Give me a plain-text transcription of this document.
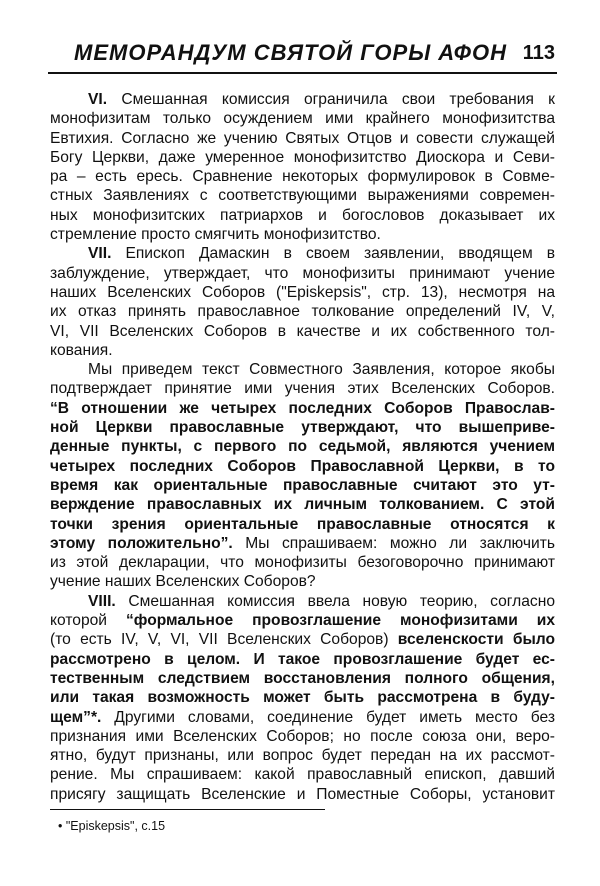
МЕМОРАНДУМ СВЯТОЙ ГОРЫ АФОН 113
VI. Смешанная комиссия ограничила свои требования к
монофизитам только осуждением ими крайнего монофизитства
Евтихия. Согласно же учению Святых Отцов и совести служащей
Богу Церкви, даже умеренное монофизитство Диоскора и Севи-
ра – есть ересь. Сравнение некоторых формулировок в Совме-
стных Заявлениях с соответствующими выражениями современ-
ных монофизитских патриархов и богословов доказывает их
стремление просто смягчить монофизитство.
VII. Епископ Дамаскин в своем заявлении, вводящем в
заблуждение, утверждает, что монофизиты принимают учение
наших Вселенских Соборов ("Episkepsis", стр. 13), несмотря на
их отказ принять православное толкование определений IV, V,
VI, VII Вселенских Соборов в качестве и их собственного тол-
кования.
Мы приведем текст Совместного Заявления, которое якобы
подтверждает принятие ими учения этих Вселенских Соборов.
“В отношении же четырех последних Соборов Православ-
ной Церкви православные утверждают, что вышеприве-
денные пункты, с первого по седьмой, являются учением
четырех последних Соборов Православной Церкви, в то
время как ориентальные православные считают это ут-
верждение православных их личным толкованием. С этой
точки зрения ориентальные православные относятся к
этому положительно”. Мы спрашиваем: можно ли заключить
из этой декларации, что монофизиты безоговорочно принимают
учение наших Вселенских Соборов?
VIII. Смешанная комиссия ввела новую теорию, согласно
которой “формальное провозглашение монофизитами их
(то есть IV, V, VI, VII Вселенских Соборов) вселенскости было
рассмотрено в целом. И такое провозглашение будет ес-
тественным следствием восстановления полного общения,
или такая возможность может быть рассмотрена в буду-
щем”*. Другими словами, соединение будет иметь место без
признания ими Вселенских Соборов; но после союза они, веро-
ятно, будут признаны, или вопрос будет передан на их рассмот-
рение. Мы спрашиваем: какой православный епископ, давший
присягу защищать Вселенские и Поместные Соборы, установит
• "Episkepsis", с.15
